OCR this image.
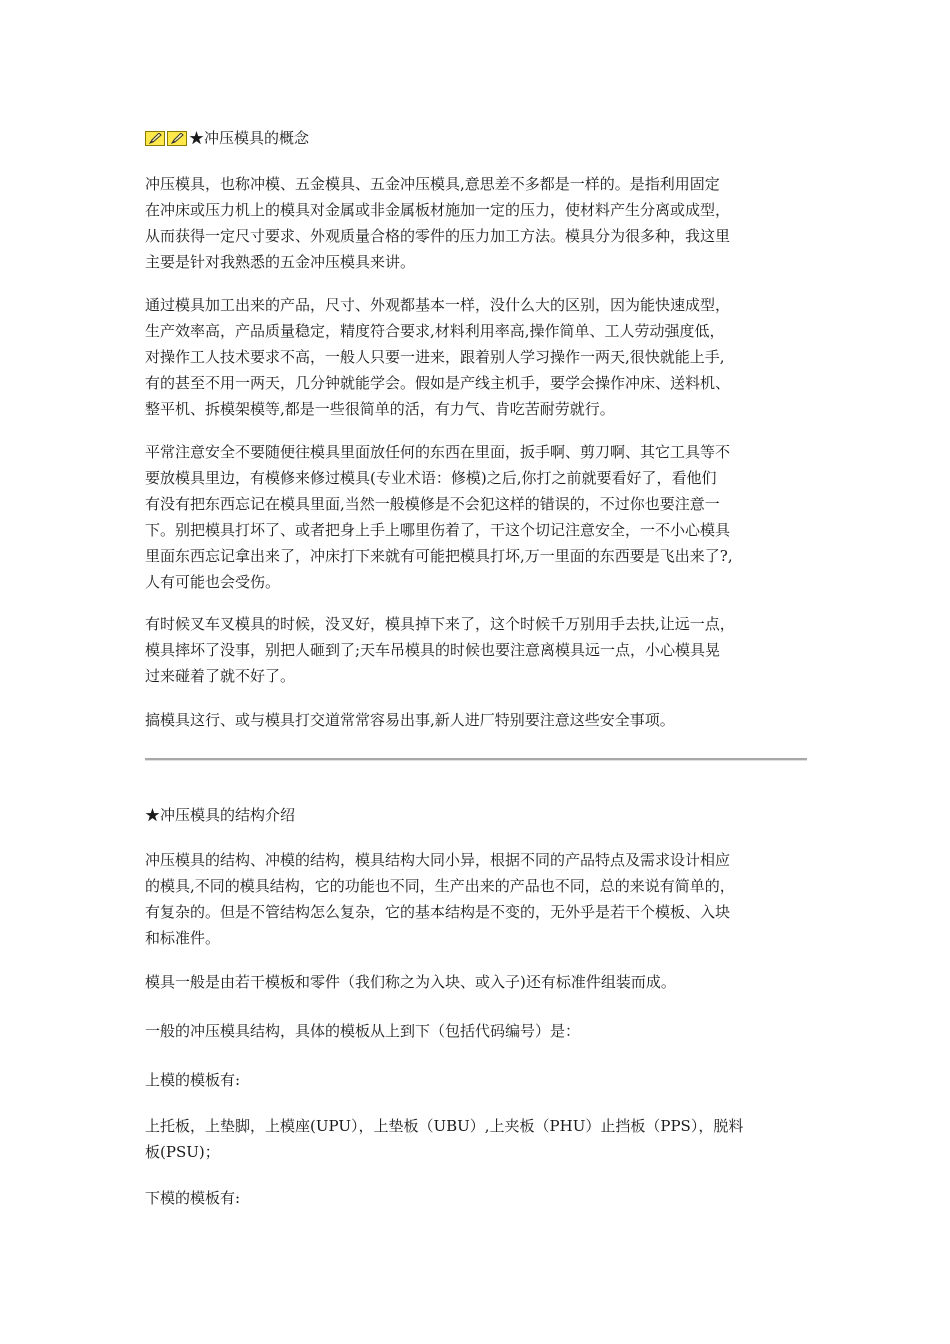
★冲压模具的概念

冲压模具，也称冲模、五金模具、五金冲压模具,意思差不多都是一样的。是指利用固定
在冲床或压力机上的模具对金属或非金属板材施加一定的压力，使材料产生分离或成型，
从而获得一定尺寸要求、外观质量合格的零件的压力加工方法。模具分为很多种，我这里
主要是针对我熟悉的五金冲压模具来讲。

通过模具加工出来的产品，尺寸、外观都基本一样，没什么大的区别，因为能快速成型，
生产效率高，产品质量稳定，精度符合要求,材料利用率高,操作简单、工人劳动强度低，
对操作工人技术要求不高，一般人只要一进来，跟着别人学习操作一两天,很快就能上手,
有的甚至不用一两天，几分钟就能学会。假如是产线主机手，要学会操作冲床、送料机、
整平机、拆模架模等,都是一些很简单的活，有力气、肯吃苦耐劳就行。

平常注意安全不要随便往模具里面放任何的东西在里面，扳手啊、剪刀啊、其它工具等不
要放模具里边，有模修来修过模具(专业术语：修模)之后,你打之前就要看好了，看他们
有没有把东西忘记在模具里面,当然一般模修是不会犯这样的错误的，不过你也要注意一
下。别把模具打坏了、或者把身上手上哪里伤着了，干这个切记注意安全，一不小心模具
里面东西忘记拿出来了，冲床打下来就有可能把模具打坏,万一里面的东西要是飞出来了?,
人有可能也会受伤。

有时候叉车叉模具的时候，没叉好，模具掉下来了，这个时候千万别用手去扶,让远一点，
模具摔坏了没事，别把人砸到了;天车吊模具的时候也要注意离模具远一点，小心模具晃
过来碰着了就不好了。

搞模具这行、或与模具打交道常常容易出事,新人进厂特别要注意这些安全事项。

★冲压模具的结构介绍

冲压模具的结构、冲模的结构，模具结构大同小异，根据不同的产品特点及需求设计相应
的模具,不同的模具结构，它的功能也不同，生产出来的产品也不同，总的来说有简单的，
有复杂的。但是不管结构怎么复杂，它的基本结构是不变的，无外乎是若干个模板、入块
和标准件。

模具一般是由若干模板和零件（我们称之为入块、或入子)还有标准件组装而成。

一般的冲压模具结构，具体的模板从上到下（包括代码编号）是：

上模的模板有:

上托板，上垫脚，上模座(UPU），上垫板（UBU）,上夹板（PHU）止挡板（PPS），脱料
板(PSU)；

下模的模板有:
